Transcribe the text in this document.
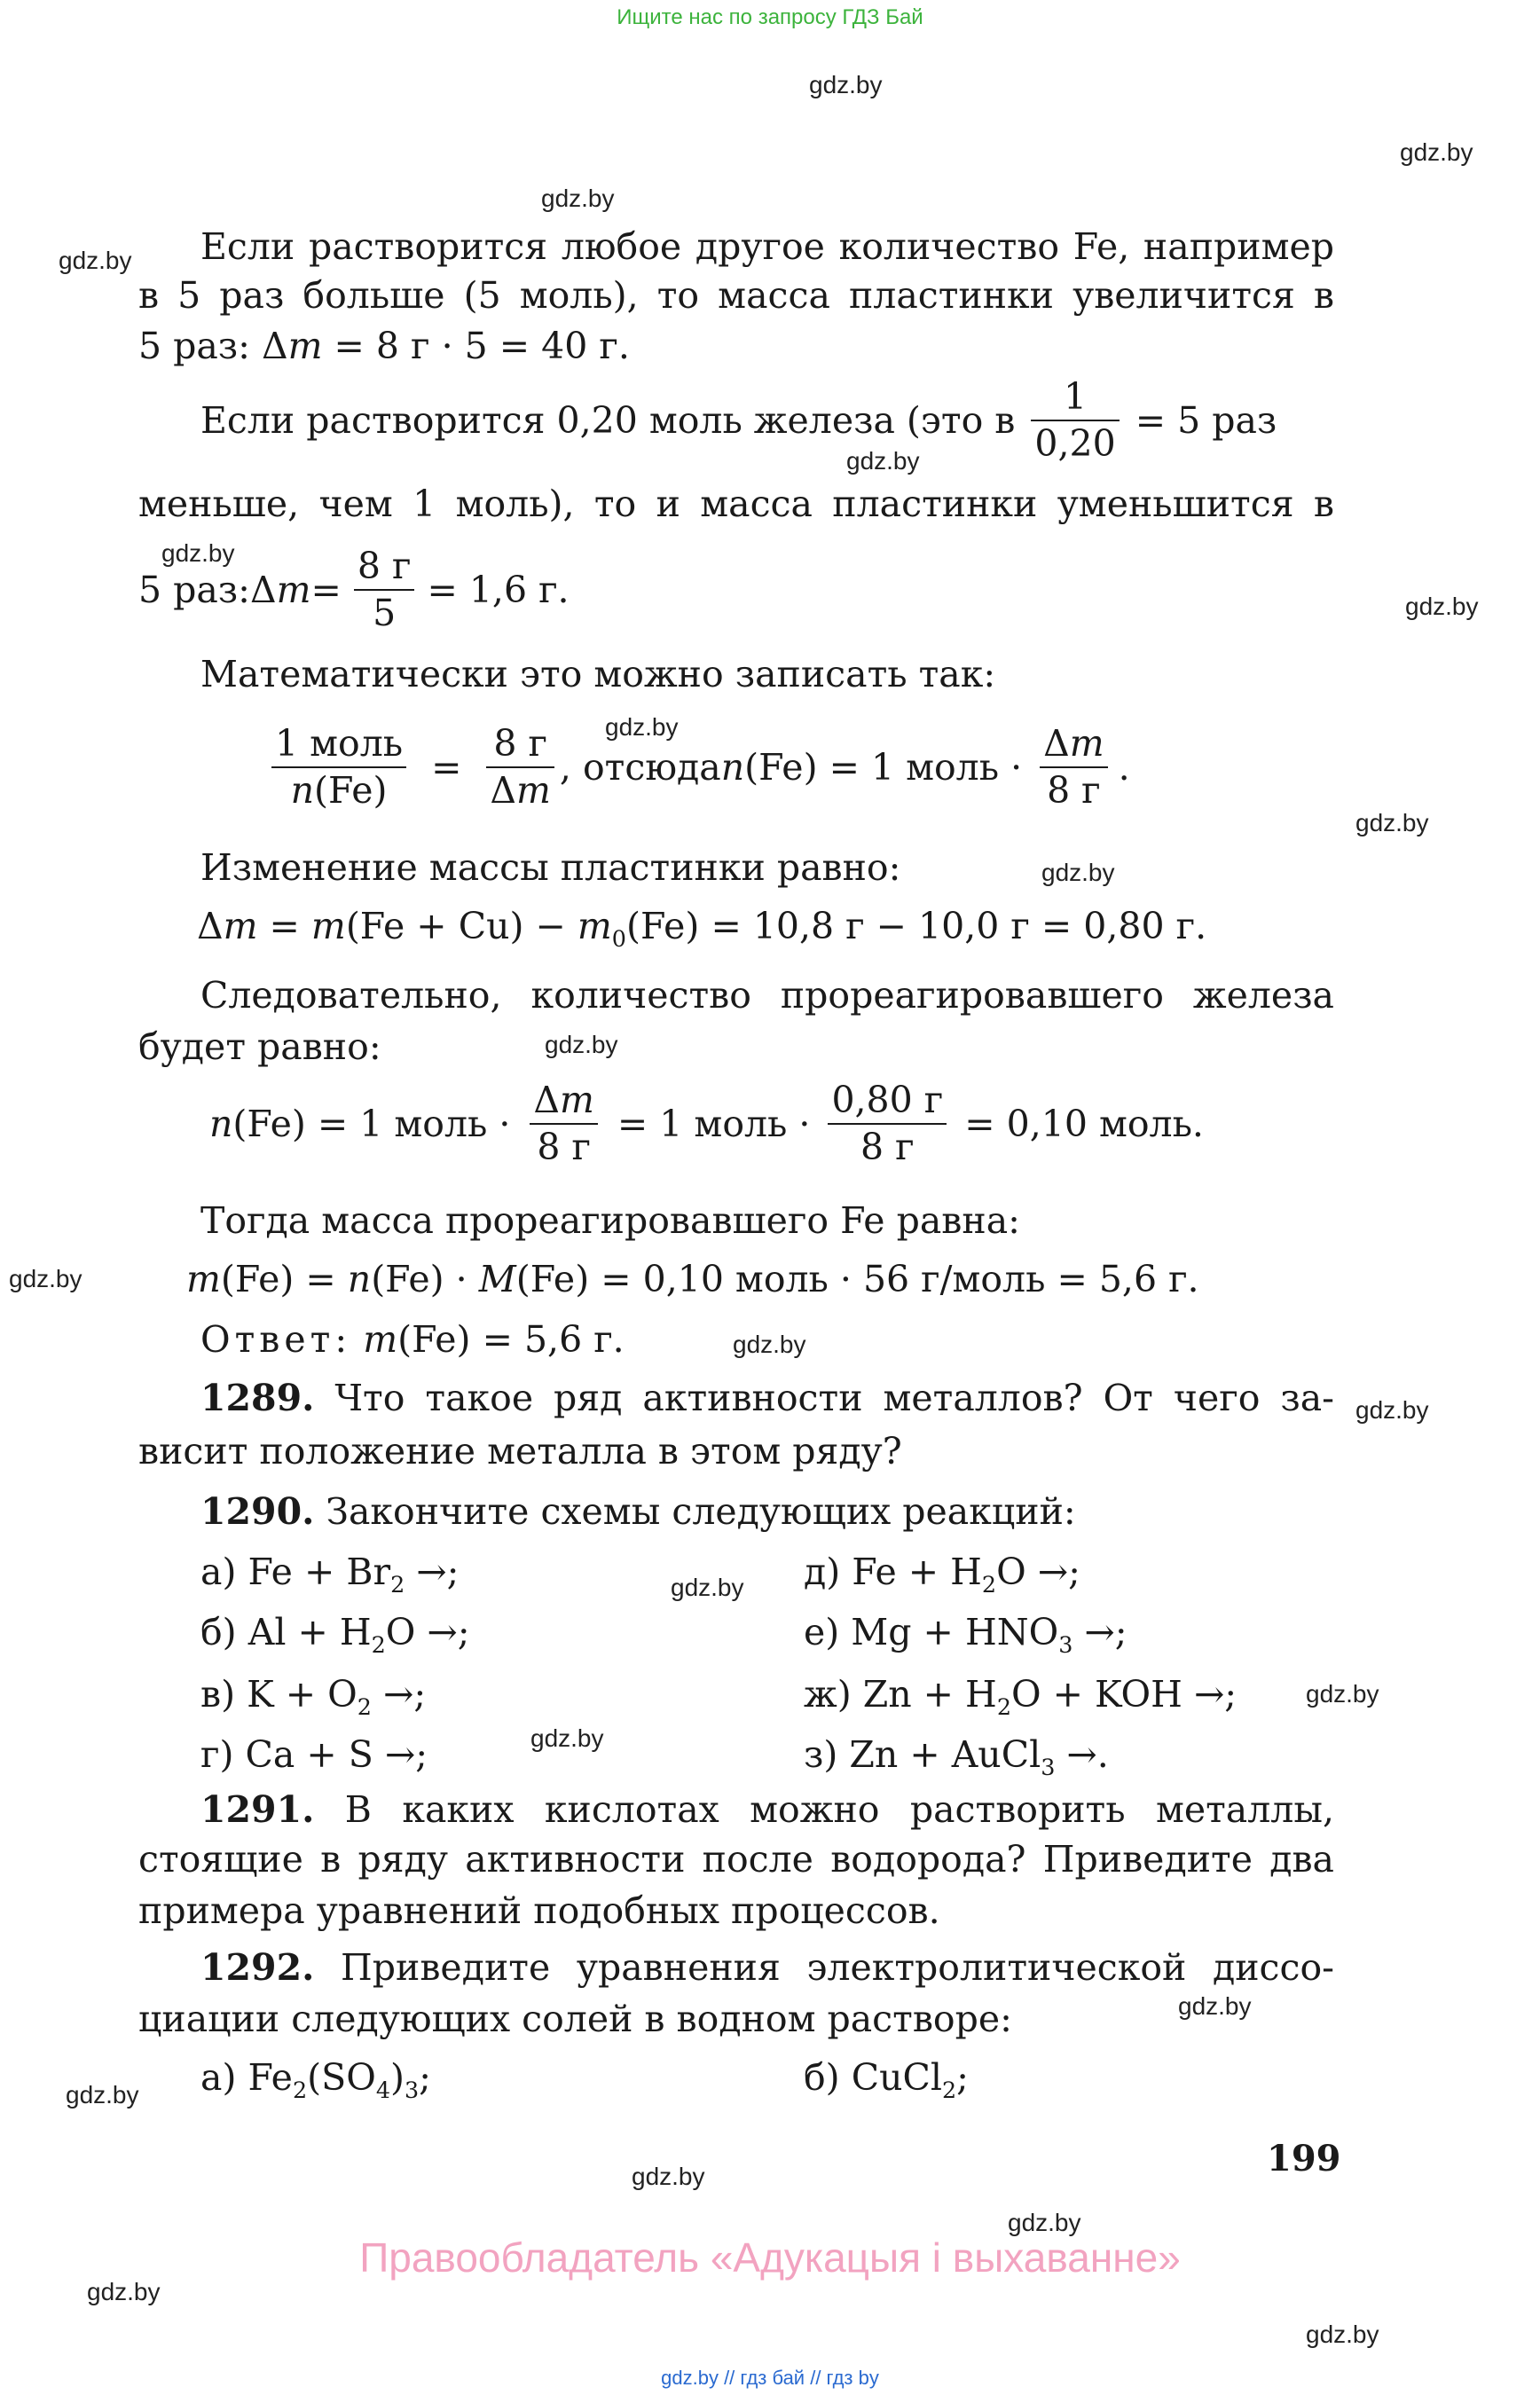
Ищите нас по запросу ГДЗ Бай
gdz.by
gdz.by
gdz.by
gdz.by
gdz.by
gdz.by
gdz.by
gdz.by
gdz.by
gdz.by
gdz.by
gdz.by
gdz.by
gdz.by
gdz.by
gdz.by
gdz.by
gdz.by
gdz.by
gdz.by
gdz.by
gdz.by
gdz.by
Если растворится любое другое количество Fe, например
в 5 раз больше (5 моль), то масса пластинки увеличится в
5 раз: Δm = 8 г · 5 = 40 г.
Если растворится 0,20 моль железа (это в $\frac{1}{0,20} = 5$ раз
меньше, чем 1 моль), то и масса пластинки уменьшится в
5 раз: Δ $m = \frac{8 г}{5} = 1,6$ г.
Математически это можно записать так:
$\frac{\text{1 моль}}{n(Fe)} = \frac{8 г}{\Delta m}$ , отсюда n (Fe) = 1 моль · $\frac{\Delta m}{8 г}$ .
Изменение массы пластинки равно:
$\Delta m = m(Fe + Cu) - m_0(Fe) = 10,8$ г − 10,0 г = 0,80 г.
Следовательно, количество прореагировавшего железа
будет равно:
n (Fe) = 1 моль · $\frac{\Delta m}{8 г} = 1$ моль · $\frac{0,80 г}{8 г} = 0,10$ моль.
Тогда масса прореагировавшего Fe равна:
m(Fe) = n(Fe) · M(Fe) = 0,10 моль · 56 г/моль = 5,6 г.
Ответ: m(Fe) = 5,6 г.
1289. Что такое ряд активности металлов? От чего за-
висит положение металла в этом ряду?
1290. Закончите схемы следующих реакций:
а) $Fe + Br_2$ →;
б) $Al + H_2O$ →;
в) $K + O_2$ →;
г) Ca + S →;
д) $Fe + H_2O$ →;
е) $Mg + HNO_3$ →;
ж) $Zn + H_2O$ + KOH →;
з) Zn + AuCl$_3$ →.
1291. В каких кислотах можно растворить металлы,
стоящие в ряду активности после водорода? Приведите два
примера уравнений подобных процессов.
1292. Приведите уравнения электролитической диссо-
циации следующих солей в водном растворе:
а) $Fe_2(SO_4)_3$;	б) CuCl$_2$;
199
Правообладатель «Адукацыя і выхаванне»
gdz.by // гдз бай // гдз by
